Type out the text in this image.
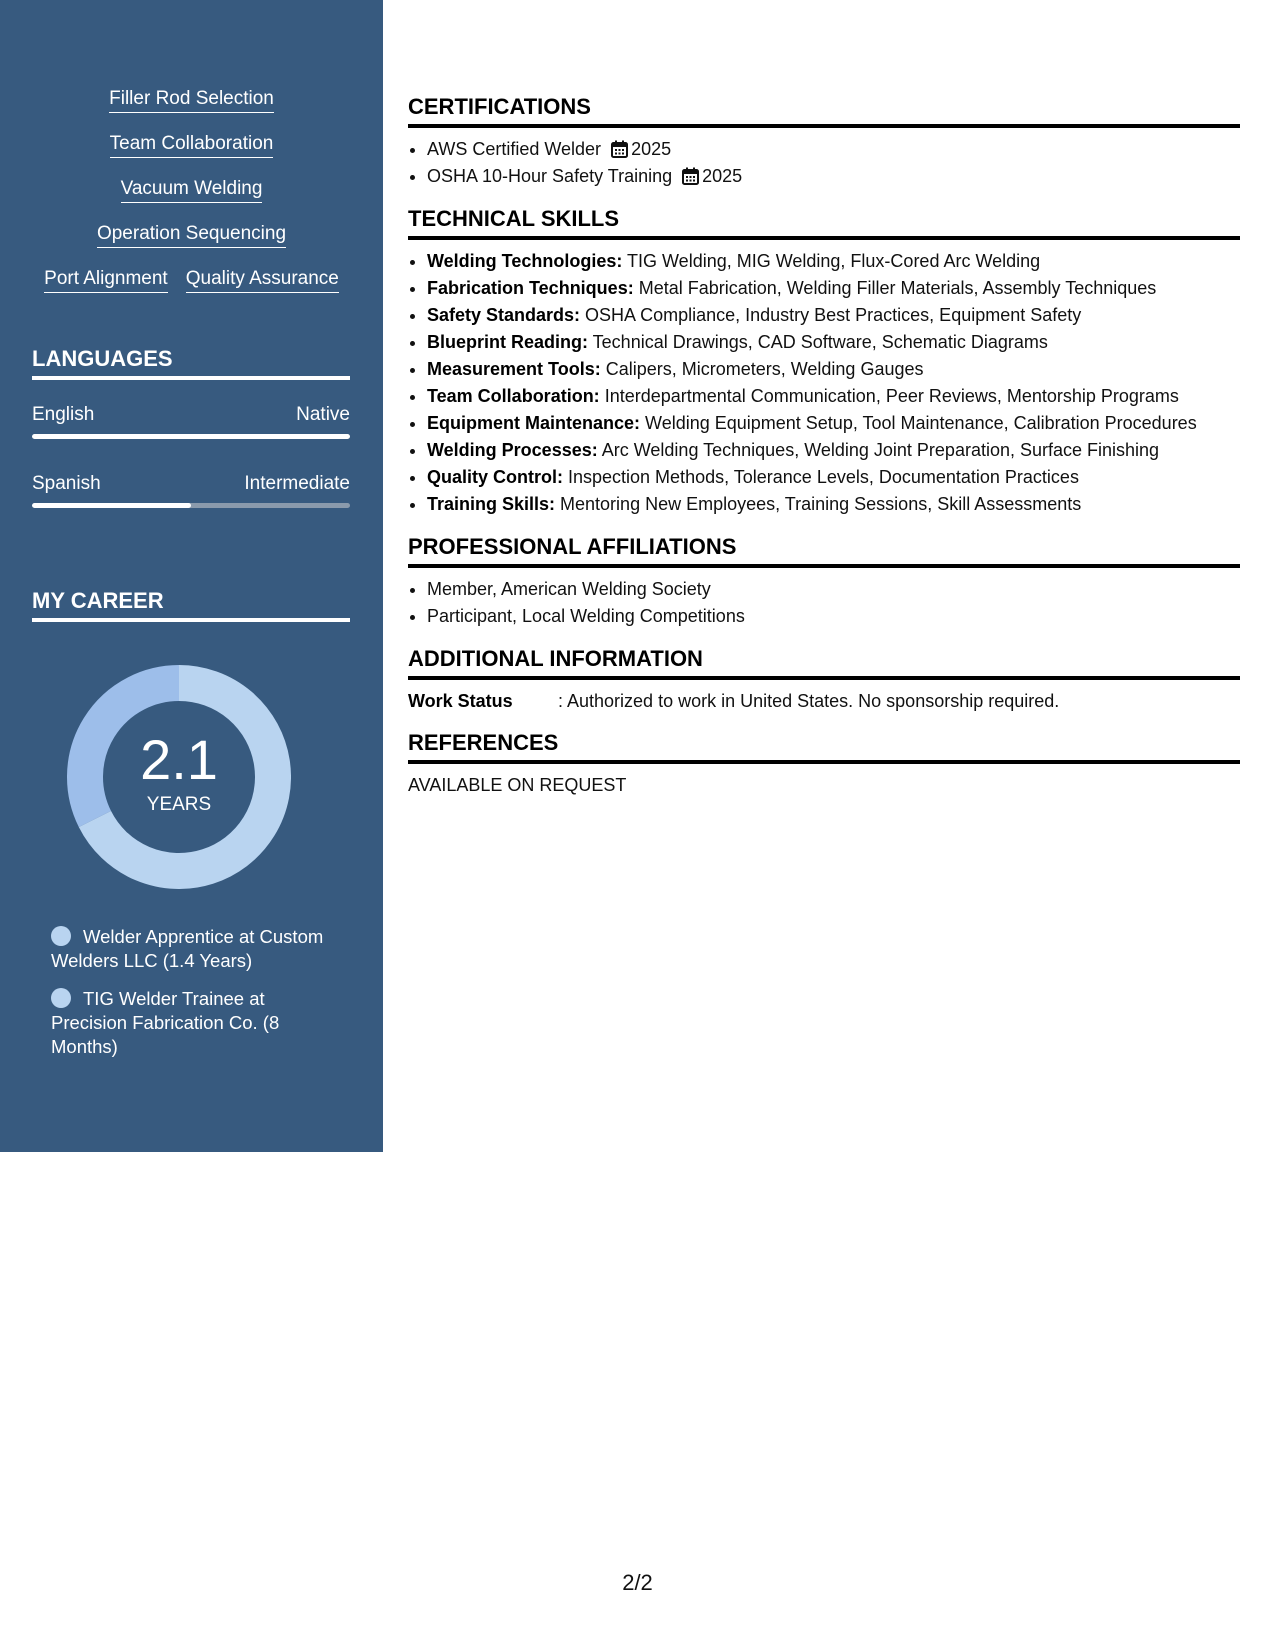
Filler Rod Selection
Team Collaboration
Vacuum Welding
Operation Sequencing
Port Alignment Quality Assurance
LANGUAGES
English	Native
Spanish	Intermediate
MY CAREER
2.1
YEARS
Welder Apprentice at Custom Welders LLC (1.4 Years)
TIG Welder Trainee at Precision Fabrication Co. (8 Months)
CERTIFICATIONS
• AWS Certified Welder 2025
• OSHA 10-Hour Safety Training 2025
TECHNICAL SKILLS
• Welding Technologies: TIG Welding, MIG Welding, Flux-Cored Arc Welding
• Fabrication Techniques: Metal Fabrication, Welding Filler Materials, Assembly Techniques
• Safety Standards: OSHA Compliance, Industry Best Practices, Equipment Safety
• Blueprint Reading: Technical Drawings, CAD Software, Schematic Diagrams
• Measurement Tools: Calipers, Micrometers, Welding Gauges
• Team Collaboration: Interdepartmental Communication, Peer Reviews, Mentorship Programs
• Equipment Maintenance: Welding Equipment Setup, Tool Maintenance, Calibration Procedures
• Welding Processes: Arc Welding Techniques, Welding Joint Preparation, Surface Finishing
• Quality Control: Inspection Methods, Tolerance Levels, Documentation Practices
• Training Skills: Mentoring New Employees, Training Sessions, Skill Assessments
PROFESSIONAL AFFILIATIONS
• Member, American Welding Society
• Participant, Local Welding Competitions
ADDITIONAL INFORMATION
Work Status	: Authorized to work in United States. No sponsorship required.
REFERENCES
AVAILABLE ON REQUEST
2/2
